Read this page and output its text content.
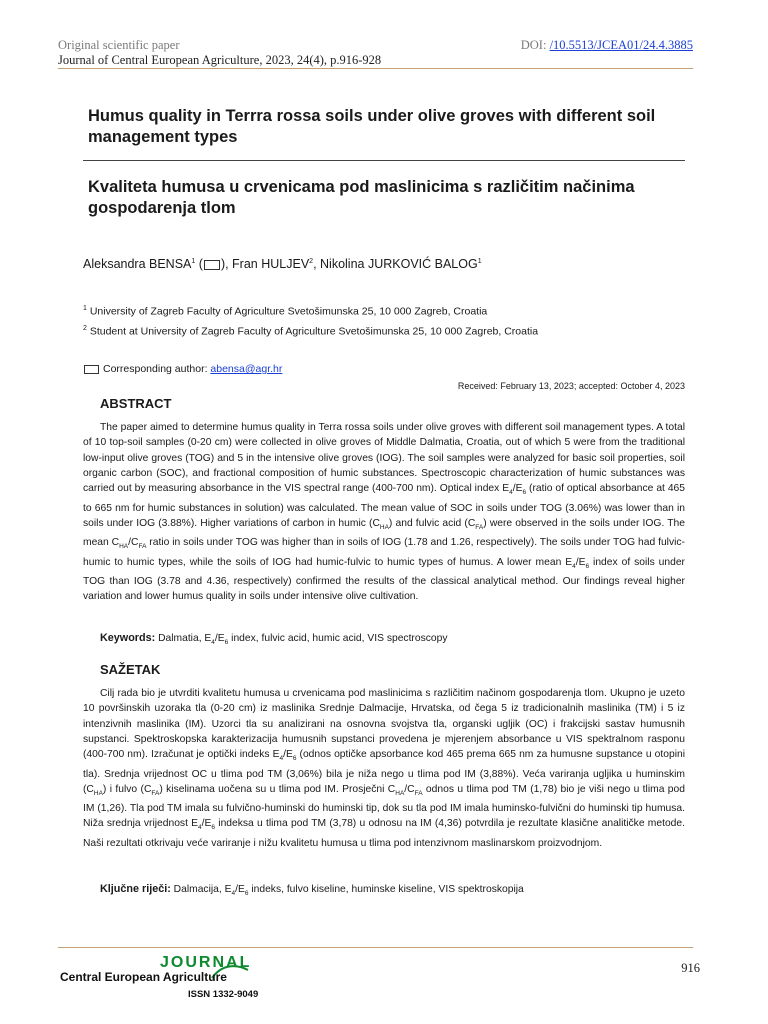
Original scientific paper
Journal of Central European Agriculture, 2023, 24(4), p.916-928
DOI: /10.5513/JCEA01/24.4.3885
Humus quality in Terrra rossa soils under olive groves with different soil management types
Kvaliteta humusa u crvenicama pod maslinicima s različitim načinima gospodarenja tlom
Aleksandra BENSA$^1$ ( ), Fran HULJEV$^2$, Nikolina JURKOVIĆ BALOG$^1$
$^1$ University of Zagreb Faculty of Agriculture Svetošimunska 25, 10 000 Zagreb, Croatia
$^2$ Student at University of Zagreb Faculty of Agriculture Svetošimunska 25, 10 000 Zagreb, Croatia
Corresponding author: abensa@agr.hr
Received: February 13, 2023; accepted: October 4, 2023
ABSTRACT
The paper aimed to determine humus quality in Terra rossa soils under olive groves with different soil management types. A total of 10 top-soil samples (0-20 cm) were collected in olive groves of Middle Dalmatia, Croatia, out of which 5 were from the traditional low-input olive groves (TOG) and 5 in the intensive olive groves (IOG). The soil samples were analyzed for basic soil properties, soil organic carbon (SOC), and fractional composition of humic substances. Spectroscopic characterization of humic substances was carried out by measuring absorbance in the VIS spectral range (400-700 nm). Optical index $E_4/E_6$ (ratio of optical absorbance at 465 to 665 nm for humic substances in solution) was calculated. The mean value of SOC in soils under TOG (3.06%) was lower than in soils under IOG (3.88%). Higher variations of carbon in humic $(C_{HA})$ and fulvic acid $(C_{FA})$ were observed in the soils under IOG. The mean $C_{HA}/C_{FA}$ ratio in soils under TOG was higher than in soils of IOG (1.78 and 1.26, respectively). The soils under TOG had fulvic-humic to humic types, while the soils of IOG had humic-fulvic to humic types of humus. A lower mean $E_4/E_6$ index of soils under TOG than IOG (3.78 and 4.36, respectively) confirmed the results of the classical analytical method. Our findings reveal higher variation and lower humus quality in soils under intensive olive cultivation.
Keywords: Dalmatia, $E_4/E_6$ index, fulvic acid, humic acid, VIS spectroscopy
SAŽETAK
Cilj rada bio je utvrditi kvalitetu humusa u crvenicama pod maslinicima s različitim načinom gospodarenja tlom. Ukupno je uzeto 10 površinskih uzoraka tla (0-20 cm) iz maslinika Srednje Dalmacije, Hrvatska, od čega 5 iz tradicionalnih maslinika (TM) i 5 iz intenzivnih maslinika (IM). Uzorci tla su analizirani na osnovna svojstva tla, organski ugljik (OC) i frakcijski sastav humusnih supstanci. Spektroskopska karakterizacija humusnih supstanci provedena je mjerenjem absorbance u VIS spektralnom rasponu (400-700 nm). Izračunat je optički indeks $E_4/E_6$ (odnos optičke apsorbance kod 465 prema 665 nm za humusne supstance u otopini tla). Srednja vrijednost OC u tlima pod TM (3,06%) bila je niža nego u tlima pod IM (3,88%). Veća variranja ugljika u huminskim $(C_{HA})$ i fulvo $(C_{FA})$ kiselinama uočena su u tlima pod IM. Prosječni $C_{HA}/C_{FA}$ odnos u tlima pod TM (1,78) bio je viši nego u tlima pod IM (1,26). Tla pod TM imala su fulvično-huminski do huminski tip, dok su tla pod IM imala huminsko-fulvični do huminski tip humusa. Niža srednja vrijednost $E_4/E_6$ indeksa u tlima pod TM (3,78) u odnosu na IM (4,36) potvrdila je rezultate klasične analitičke metode. Naši rezultati otkrivaju veće variranje i nižu kvalitetu humusa u tlima pod intenzivnom maslinarskom proizvodnjom.
Ključne riječi: Dalmacija, $E_4/E_6$ indeks, fulvo kiseline, huminske kiseline, VIS spektroskopija
JOURNAL
Central European Agriculture
ISSN 1332-9049
916
